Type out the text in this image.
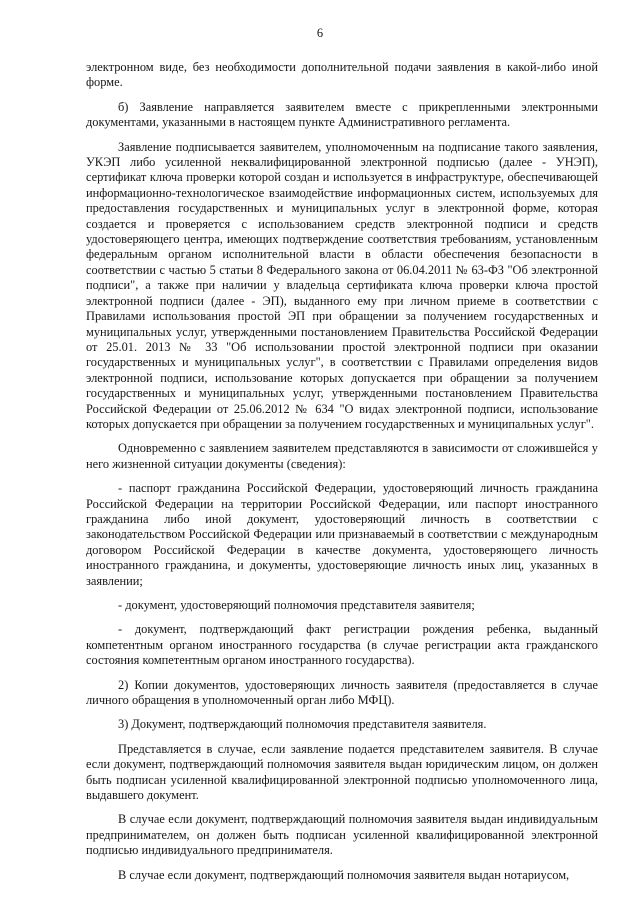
6

электронном виде, без необходимости дополнительной подачи заявления в какой-либо иной форме.

б) Заявление направляется заявителем вместе с прикрепленными электронными документами, указанными в настоящем пункте Административного регламента.

Заявление подписывается заявителем, уполномоченным на подписание такого заявления, УКЭП либо усиленной неквалифицированной электронной подписью (далее - УНЭП), сертификат ключа проверки которой создан и используется в инфраструктуре, обеспечивающей информационно-технологическое взаимодействие информационных систем, используемых для предоставления государственных и муниципальных услуг в электронной форме, которая создается и проверяется с использованием средств электронной подписи и средств удостоверяющего центра, имеющих подтверждение соответствия требованиям, установленным федеральным органом исполнительной власти в области обеспечения безопасности в соответствии с частью 5 статьи 8 Федерального закона от 06.04.2011 № 63-ФЗ "Об электронной подписи", а также при наличии у владельца сертификата ключа проверки ключа простой электронной подписи (далее - ЭП), выданного ему при личном приеме в соответствии с Правилами использования простой ЭП при обращении за получением государственных и муниципальных услуг, утвержденными постановлением Правительства Российской Федерации от 25.01. 2013 № 33 "Об использовании простой электронной подписи при оказании государственных и муниципальных услуг", в соответствии с Правилами определения видов электронной подписи, использование которых допускается при обращении за получением государственных и муниципальных услуг, утвержденными постановлением Правительства Российской Федерации от 25.06.2012 № 634 "О видах электронной подписи, использование которых допускается при обращении за получением государственных и муниципальных услуг".

Одновременно с заявлением заявителем представляются в зависимости от сложившейся у него жизненной ситуации документы (сведения):

- паспорт гражданина Российской Федерации, удостоверяющий личность гражданина Российской Федерации на территории Российской Федерации, или паспорт иностранного гражданина либо иной документ, удостоверяющий личность в соответствии с законодательством Российской Федерации или признаваемый в соответствии с международным договором Российской Федерации в качестве документа, удостоверяющего личность иностранного гражданина, и документы, удостоверяющие личность иных лиц, указанных в заявлении;

- документ, удостоверяющий полномочия представителя заявителя;

- документ, подтверждающий факт регистрации рождения ребенка, выданный компетентным органом иностранного государства (в случае регистрации акта гражданского состояния компетентным органом иностранного государства).

2) Копии документов, удостоверяющих личность заявителя (предоставляется в случае личного обращения в уполномоченный орган либо МФЦ).

3) Документ, подтверждающий полномочия представителя заявителя.

Представляется в случае, если заявление подается представителем заявителя. В случае если документ, подтверждающий полномочия заявителя выдан юридическим лицом, он должен быть подписан усиленной квалифицированной электронной подписью уполномоченного лица, выдавшего документ.

В случае если документ, подтверждающий полномочия заявителя выдан индивидуальным предпринимателем, он должен быть подписан усиленной квалифицированной электронной подписью индивидуального предпринимателя.

В случае если документ, подтверждающий полномочия заявителя выдан нотариусом,
